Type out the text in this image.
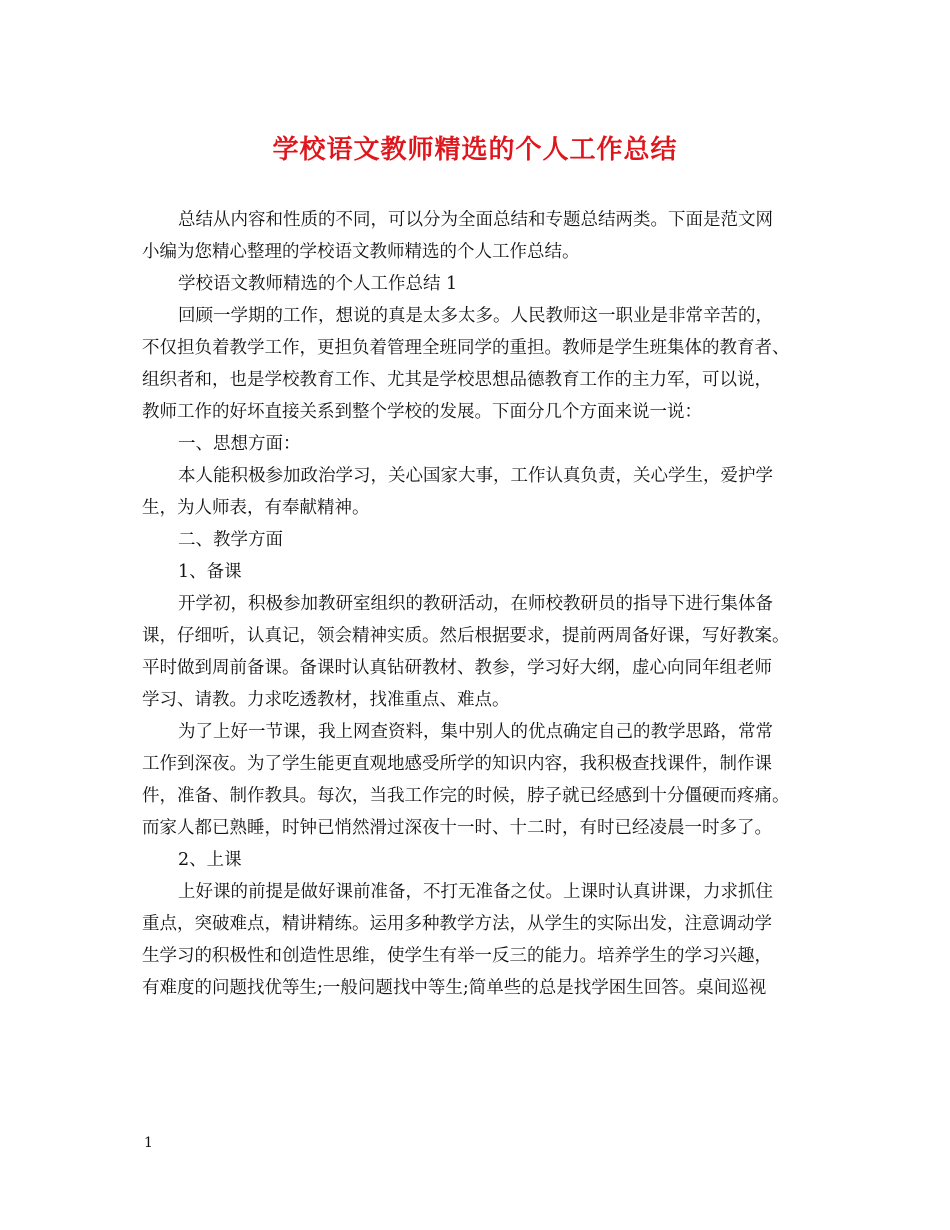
学校语文教师精选的个人工作总结
总结从内容和性质的不同，可以分为全面总结和专题总结两类。下面是范文网
小编为您精心整理的学校语文教师精选的个人工作总结。
学校语文教师精选的个人工作总结 1
回顾一学期的工作，想说的真是太多太多。人民教师这一职业是非常辛苦的，
不仅担负着教学工作，更担负着管理全班同学的重担。教师是学生班集体的教育者、
组织者和，也是学校教育工作、尤其是学校思想品德教育工作的主力军，可以说，
教师工作的好坏直接关系到整个学校的发展。下面分几个方面来说一说：
一、思想方面：
本人能积极参加政治学习，关心国家大事，工作认真负责，关心学生，爱护学
生，为人师表，有奉献精神。
二、教学方面
1、备课
开学初，积极参加教研室组织的教研活动，在师校教研员的指导下进行集体备
课，仔细听，认真记，领会精神实质。然后根据要求，提前两周备好课，写好教案。
平时做到周前备课。备课时认真钻研教材、教参，学习好大纲，虚心向同年组老师
学习、请教。力求吃透教材，找准重点、难点。
为了上好一节课，我上网查资料，集中别人的优点确定自己的教学思路，常常
工作到深夜。为了学生能更直观地感受所学的知识内容，我积极查找课件，制作课
件，准备、制作教具。每次，当我工作完的时候，脖子就已经感到十分僵硬而疼痛。
而家人都已熟睡，时钟已悄然滑过深夜十一时、十二时，有时已经凌晨一时多了。
2、上课
上好课的前提是做好课前准备，不打无准备之仗。上课时认真讲课，力求抓住
重点，突破难点，精讲精练。运用多种教学方法，从学生的实际出发，注意调动学
生学习的积极性和创造性思维，使学生有举一反三的能力。培养学生的学习兴趣，
有难度的问题找优等生;一般问题找中等生;简单些的总是找学困生回答。桌间巡视
1
